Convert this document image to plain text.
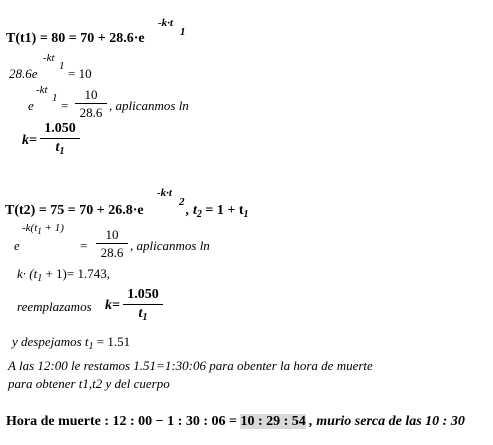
T(t1) = 80 = 70 + 28.6·e
-k·t
1
28.6e
-kt
1 = 10
e
-kt
1 =
10
28.6 , aplicanmos ln
k=
1.050
$t_1$
T(t2) = 75 = 70 + 26.8·e
-k·t
2
, $t_2 = 1 + t_1$
e
$-k(t_1 + 1)$
=
10
28.6 , aplicanmos ln
$k\cdot (t_1 + 1)= 1.743$,
reemplazamos k=
1.050
$t_1$
y despejamos $t_1 = 1.51$
A las 12:00 le restamos 1.51=1:30:06 para obenter la hora de muerte
para obtener t1,t2 y del cuerpo
Hora de muerte : 12 : 00 − 1 : 30 : 06 = 10 : 29 : 54 , murio serca de las 10 : 30
